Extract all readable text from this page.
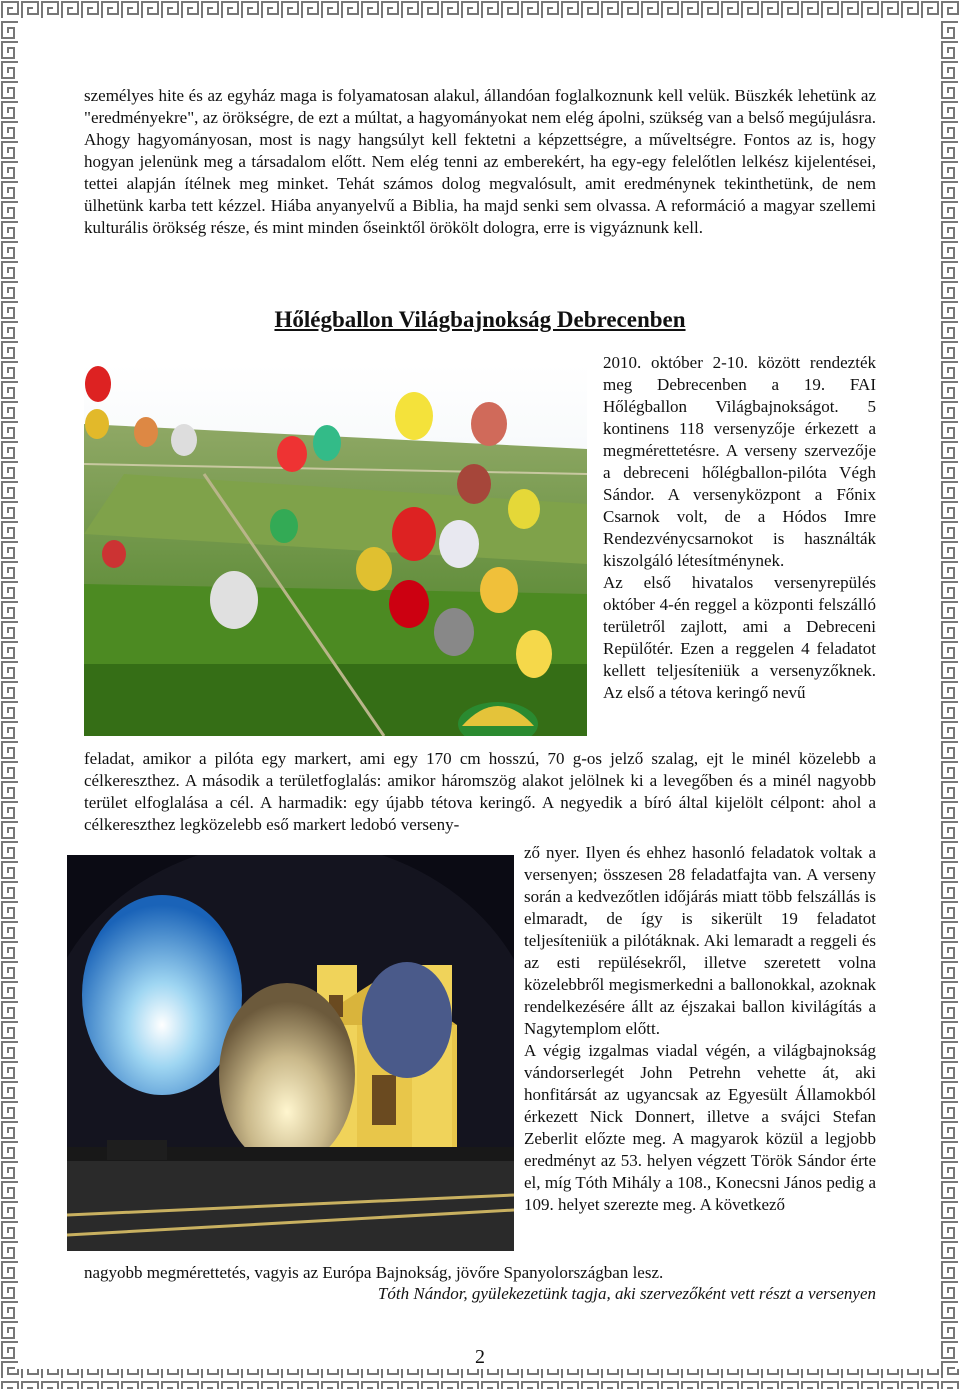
személyes hite és az egyház maga is folyamatosan alakul, állandóan foglalkoznunk kell velük. Büszkék lehetünk az "eredményekre", az örökségre, de ezt a múltat, a hagyományokat nem elég ápolni, szükség van a belső megújulásra. Ahogy hagyományosan, most is nagy hangsúlyt kell fektetni a képzettségre, a műveltségre. Fontos az is, hogy hogyan jelenünk meg a társadalom előtt. Nem elég tenni az emberekért, ha egy-egy felelőtlen lelkész kijelentései, tettei alapján ítélnek meg minket. Tehát számos dolog megvalósult, amit eredménynek tekinthetünk, de nem ülhetünk karba tett kézzel. Hiába anyanyelvű a Biblia, ha majd senki sem olvassa. A reformáció a magyar szellemi kulturális örökség része, és mint minden őseinktől örökölt dologra, erre is vigyáznunk kell.

Hőlégballon Világbajnokság Debrecenben

2010. október 2-10. között rendezték meg Debrecenben a 19. FAI Hőlégballon Világbajnokságot. 5 kontinens 118 versenyzője érkezett a megmérettetésre. A verseny szervezője a debreceni hőlégballon-pilóta Végh Sándor. A versenyközpont a Főnix Csarnok volt, de a Hódos Imre Rendezvénycsarnokot is használták kiszolgáló létesítménynek.

Az első hivatalos versenyrepülés október 4-én reggel a központi felszálló területről zajlott, ami a Debreceni Repülőtér. Ezen a reggelen 4 feladatot kellett teljesíteniük a versenyzőknek. Az első a tétova keringő nevű

feladat, amikor a pilóta egy markert, ami egy 170 cm hosszú, 70 g-os jelző szalag, ejt le minél közelebb a célkereszthez. A második a területfoglalás: amikor háromszög alakot jelölnek ki a levegőben és a minél nagyobb terület elfoglalása a cél. A harmadik: egy újabb tétova keringő. A negyedik a bíró által kijelölt célpont: ahol a célkereszthez legközelebb eső markert ledobó verseny-

ző nyer. Ilyen és ehhez hasonló feladatok voltak a versenyen; összesen 28 feladatfajta van. A verseny során a kedvezőtlen időjárás miatt több felszállás is elmaradt, de így is sikerült 19 feladatot teljesíteniük a pilótáknak. Aki lemaradt a reggeli és az esti repülésekről, illetve szeretett volna közelebbről megismerkedni a ballonokkal, azoknak rendelkezésére állt az éjszakai ballon kivilágítás a Nagytemplom előtt.

A végig izgalmas viadal végén, a világbajnokság vándorserlegét John Petrehn vehette át, aki honfitársát az ugyancsak az Egyesült Államokból érkezett Nick Donnert, illetve a svájci Stefan Zeberlit előzte meg. A magyarok közül a legjobb eredményt az 53. helyen végzett Török Sándor érte el, míg Tóth Mihály a 108., Konecsni János pedig a 109. helyet szerezte meg. A következő

nagyobb megmérettetés, vagyis az Európa Bajnokság, jövőre Spanyolországban lesz.

Tóth Nándor, gyülekezetünk tagja, aki szervezőként vett részt a versenyen
2
